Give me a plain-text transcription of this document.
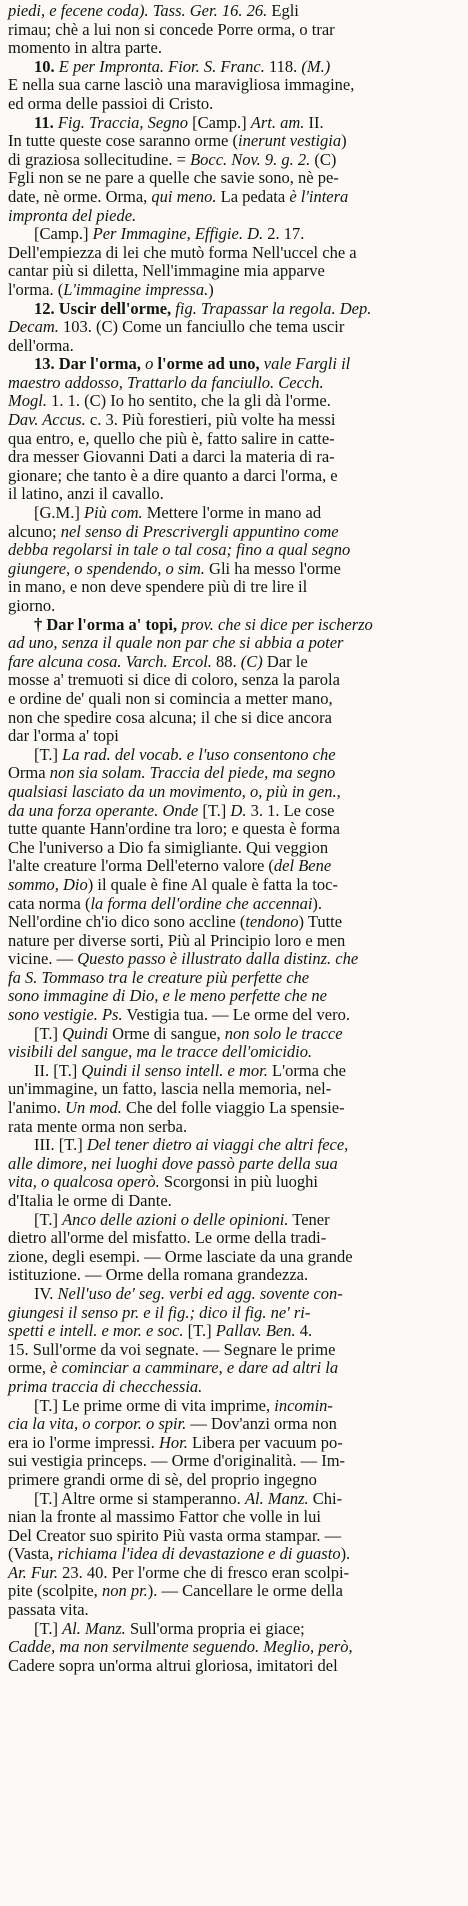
piedi, e fecene coda). Tass. Ger. 16. 26. Egli
rimau; chè a lui non si concede Porre orma, o trar
momento in altra parte.
10. E per Impronta. Fior. S. Franc. 118. (M.)
E nella sua carne lasciò una maravigliosa immagine,
ed orma delle passioi di Cristo.
11. Fig. Traccia, Segno [Camp.] Art. am. II.
In tutte queste cose saranno orme (inerunt vestigia)
di graziosa sollecitudine. = Bocc. Nov. 9. g. 2. (C)
Fgli non se ne pare a quelle che savie sono, nè pe-
date, nè orme. Orma, qui meno. La pedata è l'intera
impronta del piede.
[Camp.] Per Immagine, Effigie. D. 2. 17.
Dell'empiezza di lei che mutò forma Nell'uccel che a
cantar più si diletta, Nell'immagine mia apparve
l'orma. (L'immagine impressa.)
12. Uscir dell'orme, fig. Trapassar la regola. Dep.
Decam. 103. (C) Come un fanciullo che tema uscir
dell'orma.
13. Dar l'orma, o l'orme ad uno, vale Fargli il
maestro addosso, Trattarlo da fanciullo. Cecch.
Mogl. 1. 1. (C) Io ho sentito, che la gli dà l'orme.
Dav. Accus. c. 3. Più forestieri, più volte ha messi
qua entro, e, quello che più è, fatto salire in catte-
dra messer Giovanni Dati a darci la materia di ra-
gionare; che tanto è a dire quanto a darci l'orma, e
il latino, anzi il cavallo.
[G.M.] Più com. Mettere l'orme in mano ad
alcuno; nel senso di Prescrivergli appuntino come
debba regolarsi in tale o tal cosa; fino a qual segno
giungere, o spendendo, o sim. Gli ha messo l'orme
in mano, e non deve spendere più di tre lire il
giorno.
† Dar l'orma a' topi, prov. che si dice per ischerzo
ad uno, senza il quale non par che si abbia a poter
fare alcuna cosa. Varch. Ercol. 88. (C) Dar le
mosse a' tremuoti si dice di coloro, senza la parola
e ordine de' quali non si comincia a metter mano,
non che spedire cosa alcuna; il che si dice ancora
dar l'orma a' topi
[T.] La rad. del vocab. e l'uso consentono che
Orma non sia solam. Traccia del piede, ma segno
qualsiasi lasciato da un movimento, o, più in gen.,
da una forza operante. Onde [T.] D. 3. 1. Le cose
tutte quante Hann'ordine tra loro; e questa è forma
Che l'universo a Dio fa simigliante. Qui veggion
l'alte creature l'orma Dell'eterno valore (del Bene
sommo, Dio) il quale è fine Al quale è fatta la toc-
cata norma (la forma dell'ordine che accennai).
Nell'ordine ch'io dico sono accline (tendono) Tutte
nature per diverse sorti, Più al Principio loro e men
vicine. — Questo passo è illustrato dalla distinz. che
fa S. Tommaso tra le creature più perfette che
sono immagine di Dio, e le meno perfette che ne
sono vestigie. Ps. Vestigia tua. — Le orme del vero.
[T.] Quindi Orme di sangue, non solo le tracce
visibili del sangue, ma le tracce dell'omicidio.
II. [T.] Quindi il senso intell. e mor. L'orma che
un'immagine, un fatto, lascia nella memoria, nel-
l'animo. Un mod. Che del folle viaggio La spensie-
rata mente orma non serba.
III. [T.] Del tener dietro ai viaggi che altri fece,
alle dimore, nei luoghi dove passò parte della sua
vita, o qualcosa operò. Scorgonsi in più luoghi
d'Italia le orme di Dante.
[T.] Anco delle azioni o delle opinioni. Tener
dietro all'orme del misfatto. Le orme della tradi-
zione, degli esempi. — Orme lasciate da una grande
istituzione. — Orme della romana grandezza.
IV. Nell'uso de' seg. verbi ed agg. sovente con-
giungesi il senso pr. e il fig.; dico il fig. ne' ri-
spetti e intell. e mor. e soc. [T.] Pallav. Ben. 4.
15. Sull'orme da voi segnate. — Segnare le prime
orme, è cominciar a camminare, e dare ad altri la
prima traccia di checchessia.
[T.] Le prime orme di vita imprime, incomin-
cia la vita, o corpor. o spir. — Dov'anzi orma non
era io l'orme impressi. Hor. Libera per vacuum po-
sui vestigia princeps. — Orme d'originalità. — Im-
primere grandi orme di sè, del proprio ingegno
[T.] Altre orme si stamperanno. Al. Manz. Chi-
nian la fronte al massimo Fattor che volle in lui
Del Creator suo spirito Più vasta orma stampar. —
(Vasta, richiama l'idea di devastazione e di guasto).
Ar. Fur. 23. 40. Per l'orme che di fresco eran scolpi-
pite (scolpite, non pr.). — Cancellare le orme della
passata vita.
[T.] Al. Manz. Sull'orma propria ei giace;
Cadde, ma non servilmente seguendo. Meglio, però,
Cadere sopra un'orma altrui gloriosa, imitatori del
